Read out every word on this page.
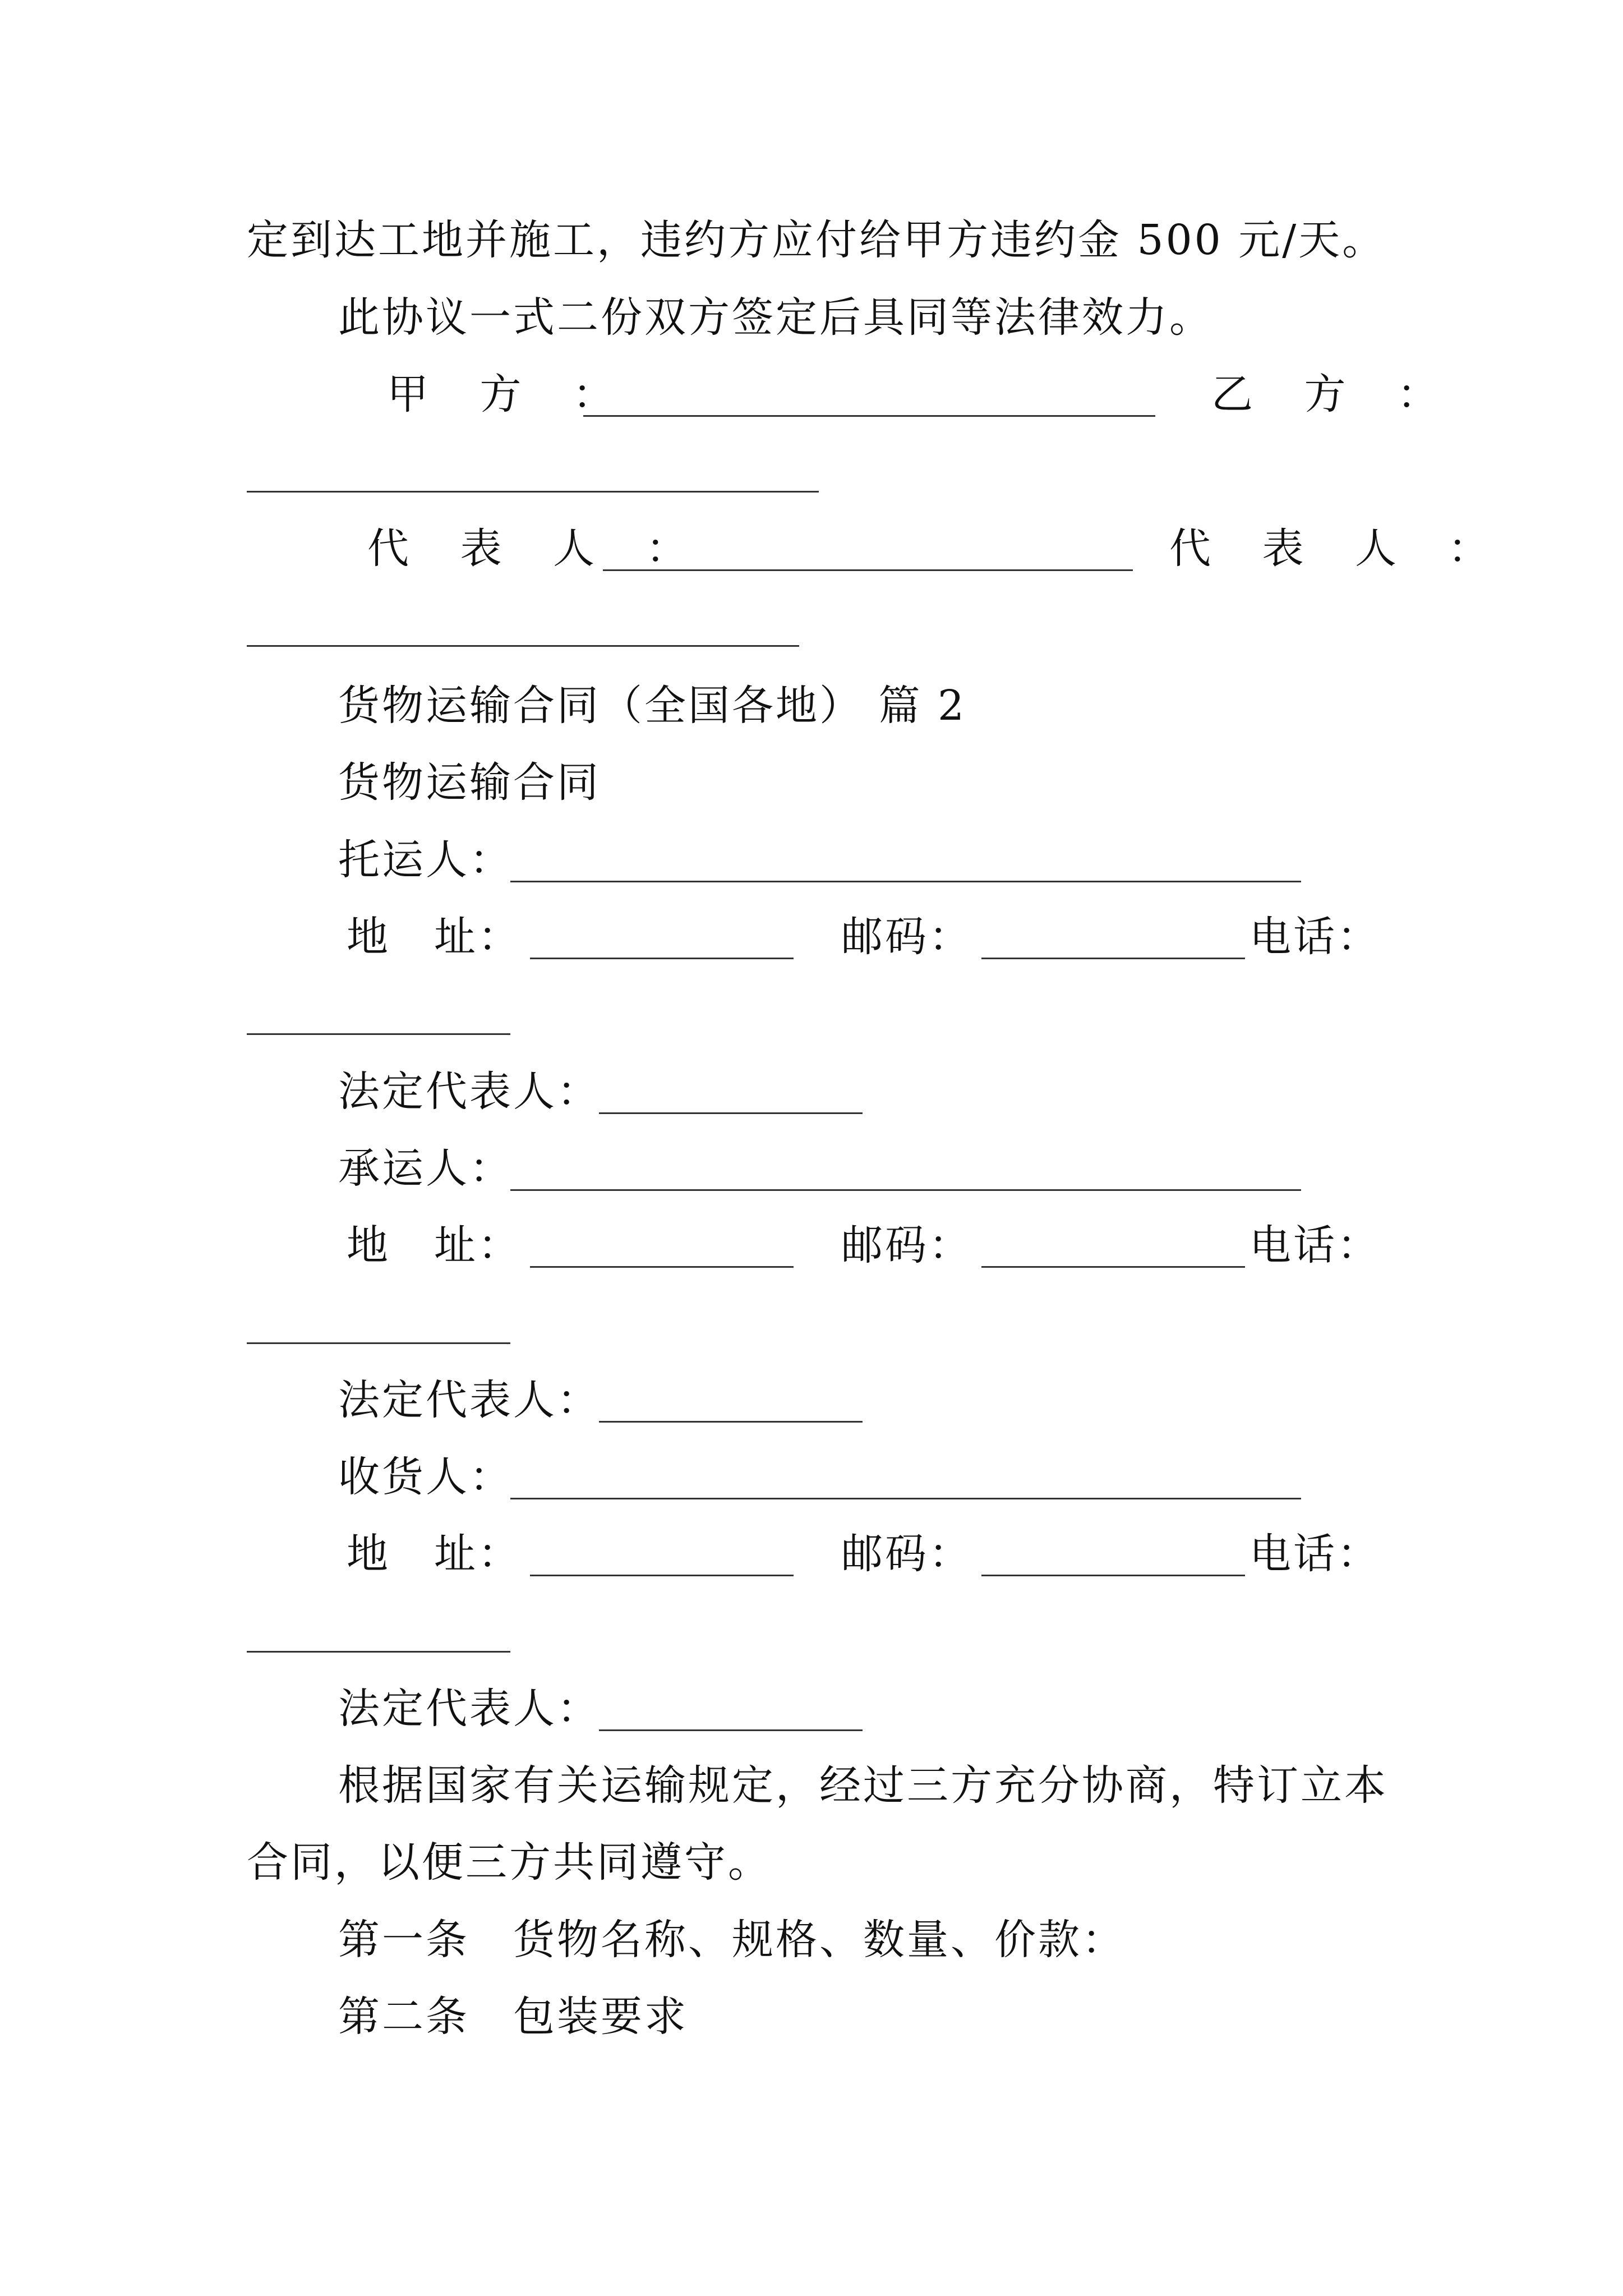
定到达工地并施工，违约方应付给甲方违约金 500 元/天。
此协议一式二份双方签定后具同等法律效力。
甲 方 ：	乙 方 ：
代 表 人 ：	代 表 人 ：
货物运输合同（全国各地） 篇 2
货物运输合同
托运人：
地　址：	邮码：	电话：
法定代表人：
承运人：
地　址：	邮码：	电话：
法定代表人：
收货人：
地　址：	邮码：	电话：
法定代表人：
根据国家有关运输规定，经过三方充分协商，特订立本
合同，以便三方共同遵守。
第一条　货物名称、规格、数量、价款：
第二条　包装要求
